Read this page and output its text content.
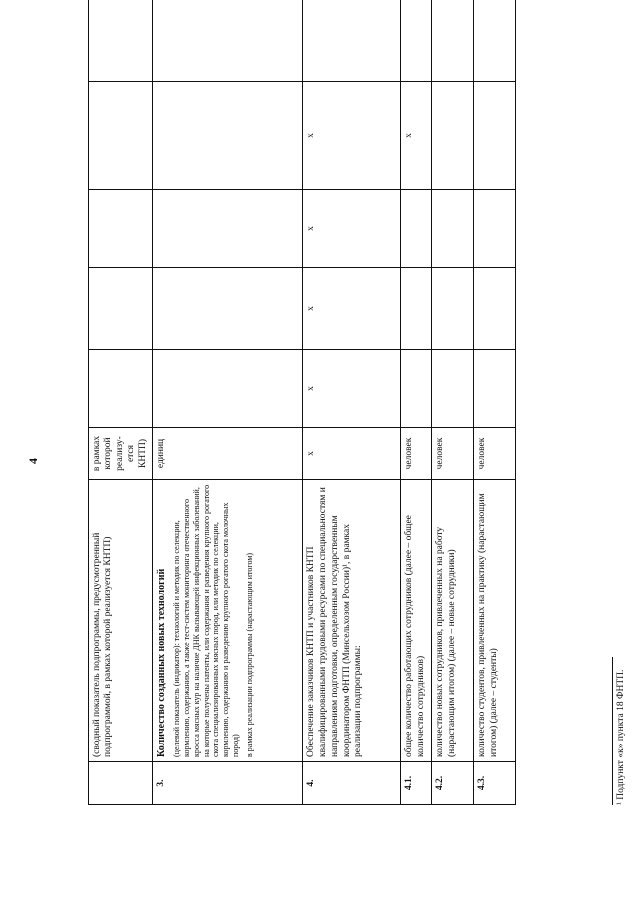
4
	(сводный показатель подпрограммы, предусмотренный подпрограммой, в рамках которой реализуется КНТП)	в рамках которой реализу-ется КНТП)						
3.	Количество созданных новых технологий (целевой показатель (индикатор): технологий и методик по селекции, кормлению, содержанию, а также тест-систем мониторинга отечественного кросса мясных кур на наличие ДНК вызывающей инфекционных заболеваний, на которые получены патенты, или содержания и разведения крупного рогатого скота специализированных мясных пород, или методик по селекции, кормлению, содержанию и разведению крупного рогатого скота молочных пород) в рамках реализации подпрограммы (нарастающим итогом)	единиц						
4.	Обеспечение заказчиков КНТП и участников КНТП квалифицированными трудовыми ресурсами по специальностям и направлениям подготовки, определенным государственным координатором ФНТП (Минсельхозом России)¹, в рамках реализации подпрограммы:	x	x	x	x	x		
4.1.	общее количество работающих сотрудников (далее – общее количество сотрудников)	человек				x		
4.2.	количество новых сотрудников, привлеченных на работу (нарастающим итогом) (далее – новые сотрудники)	человек						
4.3.	количество студентов, привлеченных на практику (нарастающим итогом) (далее – студенты)	человек						
¹ Подпункт «к» пункта 18 ФНТП.
